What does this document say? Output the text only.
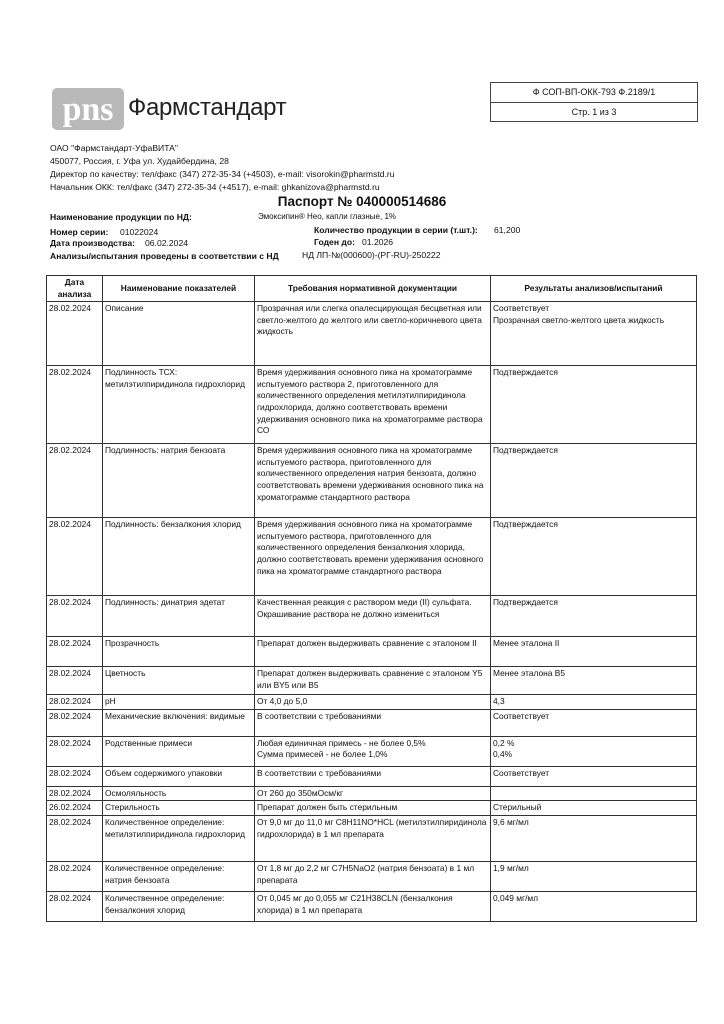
Ф СОП-ВП-ОКК-793 Ф.2189/1
Стр. 1 из 3
pns Фармстандарт
ОАО "Фармстандарт-УфаВИТА"
450077, Россия, г. Уфа ул. Худайбердина, 28
Директор по качеству: тел/факс (347) 272-35-34 (+4503), e-mail: visorokin@pharmstd.ru
Начальник ОКК: тел/факс (347) 272-35-34 (+4517), e-mail: ghkanizova@pharmstd.ru
Паспорт № 040000514686
Наименование продукции по НД:	Эмоксипин® Нео, капли глазные, 1%
Номер серии: 01022024	Количество продукции в серии (т.шт.): 61,200
Дата производства: 06.02.2024	Годен до: 01.2026
Анализы/испытания проведены в соответствии с НД	НД ЛП-№(000600)-(РГ-RU)-250222
Дата анализа	Наименование показателей	Требования нормативной документации	Результаты анализов/испытаний
28.02.2024	Описание	Прозрачная или слегка опалесцирующая бесцветная или светло-желтого до желтого или светло-коричневого цвета жидкость	Соответствует
Прозрачная светло-желтого цвета жидкость
28.02.2024	Подлинность ТСХ:
метилэтилпиридинола гидрохлорид	Время удерживания основного пика на хроматограмме испытуемого раствора 2, приготовленного для количественного определения метилэтилпиридинола гидрохлорида, должно соответствовать времени удерживания основного пика на хроматограмме раствора СО	Подтверждается
28.02.2024	Подлинность: натрия бензоата	Время удерживания основного пика на хроматограмме испытуемого раствора, приготовленного для количественного определения натрия бензоата, должно соответствовать времени удерживания основного пика на хроматограмме стандартного раствора	Подтверждается
28.02.2024	Подлинность: бензалкония хлорид	Время удерживания основного пика на хроматограмме испытуемого раствора, приготовленного для количественного определения бензалкония хлорида, должно соответствовать времени удерживания основного пика на хроматограмме стандартного раствора	Подтверждается
28.02.2024	Подлинность: динатрия эдетат	Качественная реакция с раствором меди (II) сульфата.
Окрашивание раствора не должно измениться	Подтверждается
28.02.2024	Прозрачность	Препарат должен выдерживать сравнение с эталоном II	Менее эталона II
28.02.2024	Цветность	Препарат должен выдерживать сравнение с эталоном Y5 или BY5 или B5	Менее эталона B5
28.02.2024	pH	От 4,0 до 5,0	4,3
28.02.2024	Механические включения: видимые	В соответствии с требованиями	Соответствует
28.02.2024	Родственные примеси	Любая единичная примесь - не более 0,5%
Сумма примесей - не более 1,0%	0,2 %
0,4%
28.02.2024	Объем содержимого упаковки	В соответствии с требованиями	Соответствует
28.02.2024	Осмоляльность	От 260 до 350мОсм/кг	
26.02.2024	Стерильность	Препарат должен быть стерильным	Стерильный
28.02.2024	Количественное определение:
метилэтилпиридинола гидрохлорид	От 9,0 мг до 11,0 мг C8H11NO*HCL (метилэтилпиридинола гидрохлорида) в 1 мл препарата	9,6 мг/мл
28.02.2024	Количественное определение:
натрия бензоата	От 1,8 мг до 2,2 мг C7H5NaO2 (натрия бензоата) в 1 мл препарата	1,9 мг/мл
28.02.2024	Количественное определение:
бензалкония хлорид	От 0,045 мг до 0,055 мг C21H38CLN (бензалкония хлорида) в 1 мл препарата	0,049 мг/мл
